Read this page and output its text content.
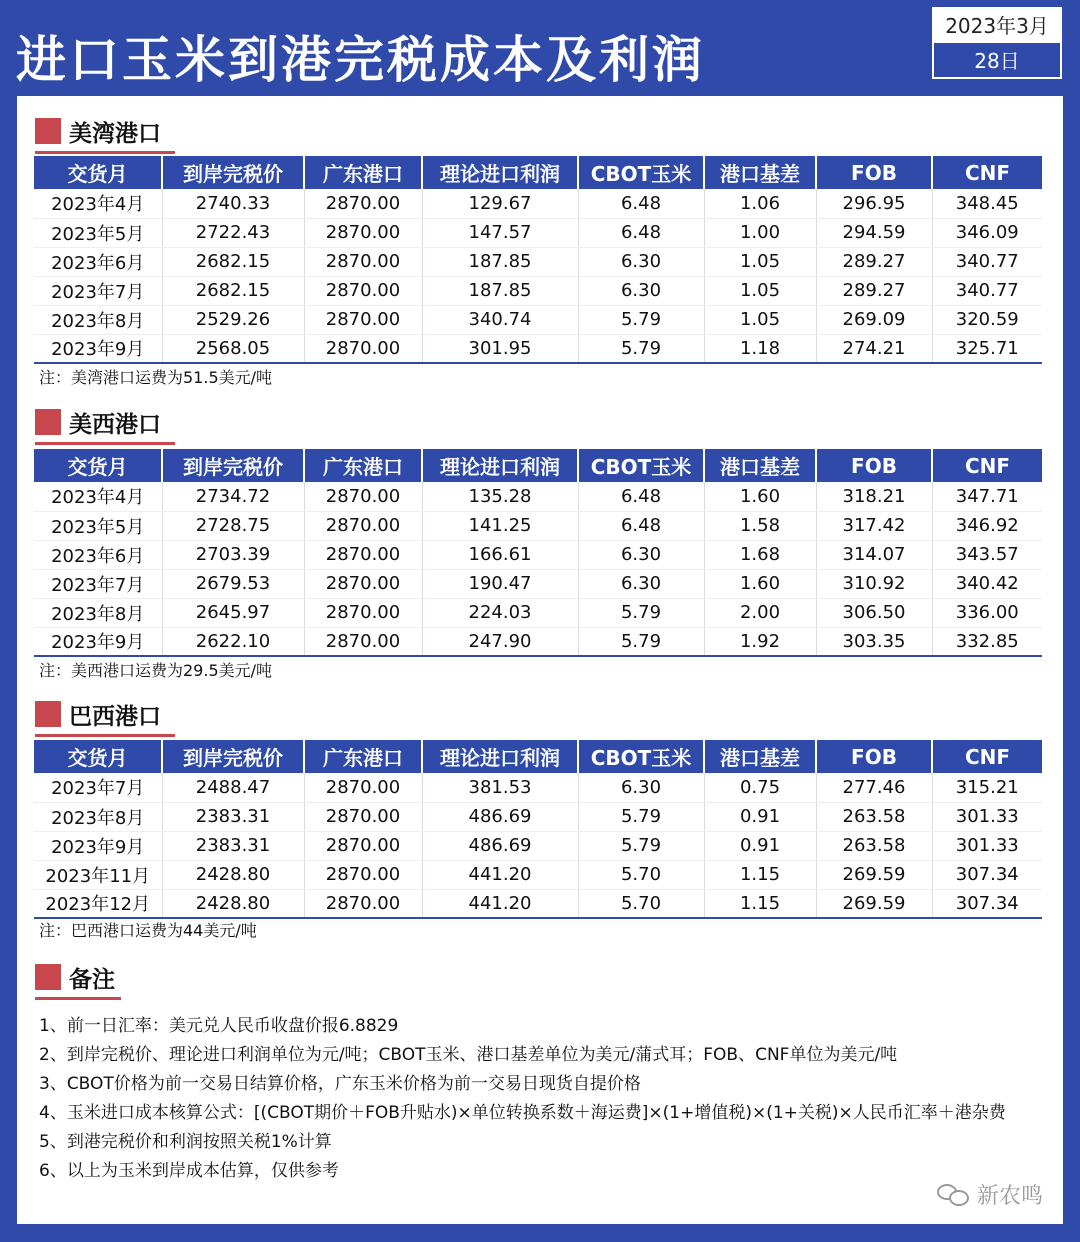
进口玉米到港完税成本及利润
2023年3月
28日
美湾港口
交货月	到岸完税价	广东港口	理论进口利润	CBOT玉米	港口基差	FOB	CNF
2023年4月	2740.33	2870.00	129.67	6.48	1.06	296.95	348.45
2023年5月	2722.43	2870.00	147.57	6.48	1.00	294.59	346.09
2023年6月	2682.15	2870.00	187.85	6.30	1.05	289.27	340.77
2023年7月	2682.15	2870.00	187.85	6.30	1.05	289.27	340.77
2023年8月	2529.26	2870.00	340.74	5.79	1.05	269.09	320.59
2023年9月	2568.05	2870.00	301.95	5.79	1.18	274.21	325.71
注：美湾港口运费为51.5美元/吨
美西港口
交货月	到岸完税价	广东港口	理论进口利润	CBOT玉米	港口基差	FOB	CNF
2023年4月	2734.72	2870.00	135.28	6.48	1.60	318.21	347.71
2023年5月	2728.75	2870.00	141.25	6.48	1.58	317.42	346.92
2023年6月	2703.39	2870.00	166.61	6.30	1.68	314.07	343.57
2023年7月	2679.53	2870.00	190.47	6.30	1.60	310.92	340.42
2023年8月	2645.97	2870.00	224.03	5.79	2.00	306.50	336.00
2023年9月	2622.10	2870.00	247.90	5.79	1.92	303.35	332.85
注：美西港口运费为29.5美元/吨
巴西港口
交货月	到岸完税价	广东港口	理论进口利润	CBOT玉米	港口基差	FOB	CNF
2023年7月	2488.47	2870.00	381.53	6.30	0.75	277.46	315.21
2023年8月	2383.31	2870.00	486.69	5.79	0.91	263.58	301.33
2023年9月	2383.31	2870.00	486.69	5.79	0.91	263.58	301.33
2023年11月	2428.80	2870.00	441.20	5.70	1.15	269.59	307.34
2023年12月	2428.80	2870.00	441.20	5.70	1.15	269.59	307.34
注：巴西港口运费为44美元/吨
备注
1、前一日汇率：美元兑人民币收盘价报6.8829
2、到岸完税价、理论进口利润单位为元/吨；CBOT玉米、港口基差单位为美元/蒲式耳；FOB、CNF单位为美元/吨
3、CBOT价格为前一交易日结算价格，广东玉米价格为前一交易日现货自提价格
4、玉米进口成本核算公式：[(CBOT期价＋FOB升贴水)×单位转换系数＋海运费]×(1+增值税)×(1+关税)×人民币汇率＋港杂费
5、到港完税价和利润按照关税1%计算
6、以上为玉米到岸成本估算，仅供参考
新农鸣
